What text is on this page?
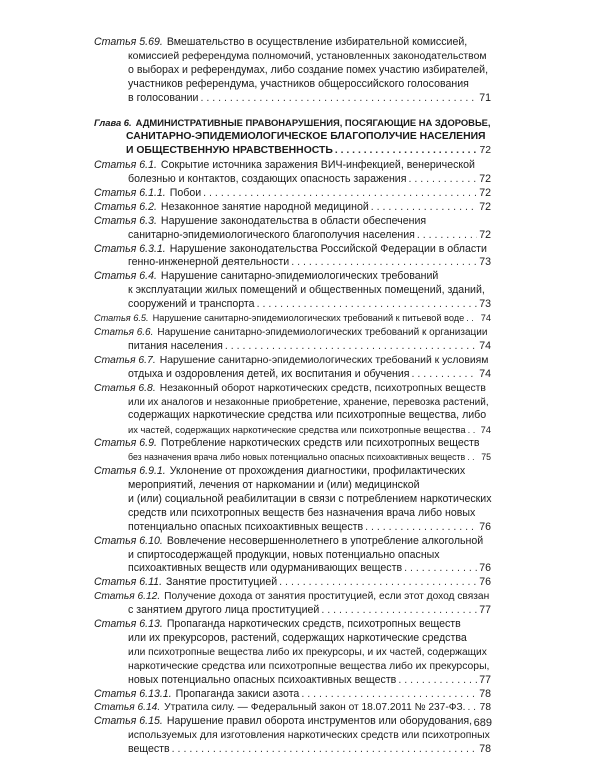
Статья 5.69. Вмешательство в осуществление избирательной комиссией,
комиссией референдума полномочий, установленных законодательством
о выборах и референдумах, либо создание помех участию избирателей,
участников референдума, участников общероссийского голосования
в голосовании . . .	71
Глава 6. АДМИНИСТРАТИВНЫЕ ПРАВОНАРУШЕНИЯ, ПОСЯГАЮЩИЕ НА ЗДОРОВЬЕ,
САНИТАРНО-ЭПИДЕМИОЛОГИЧЕСКОЕ БЛАГОПОЛУЧИЕ НАСЕЛЕНИЯ
И ОБЩЕСТВЕННУЮ НРАВСТВЕННОСТЬ . . .	72
Статья 6.1. Сокрытие источника заражения ВИЧ-инфекцией, венерической
болезнью и контактов, создающих опасность заражения . . .	72
Статья 6.1.1. Побои . . .	72
Статья 6.2. Незаконное занятие народной медициной . . .	72
Статья 6.3. Нарушение законодательства в области обеспечения
санитарно-эпидемиологического благополучия населения . . .	72
Статья 6.3.1. Нарушение законодательства Российской Федерации в области
генно-инженерной деятельности . . .	73
Статья 6.4. Нарушение санитарно-эпидемиологических требований
к эксплуатации жилых помещений и общественных помещений, зданий,
сооружений и транспорта . . .	73
Статья 6.5. Нарушение санитарно-эпидемиологических требований к питьевой воде . . . 74
Статья 6.6. Нарушение санитарно-эпидемиологических требований к организации
питания населения . . .	74
Статья 6.7. Нарушение санитарно-эпидемиологических требований к условиям
отдыха и оздоровления детей, их воспитания и обучения . . .	74
Статья 6.8. Незаконный оборот наркотических средств, психотропных веществ
или их аналогов и незаконные приобретение, хранение, перевозка растений,
содержащих наркотические средства или психотропные вещества, либо
их частей, содержащих наркотические средства или психотропные вещества . . . 74
Статья 6.9. Потребление наркотических средств или психотропных веществ
без назначения врача либо новых потенциально опасных психоактивных веществ . . . 75
Статья 6.9.1. Уклонение от прохождения диагностики, профилактических
мероприятий, лечения от наркомании и (или) медицинской
и (или) социальной реабилитации в связи с потреблением наркотических
средств или психотропных веществ без назначения врача либо новых
потенциально опасных психоактивных веществ . . .	76
Статья 6.10. Вовлечение несовершеннолетнего в употребление алкогольной
и спиртосодержащей продукции, новых потенциально опасных
психоактивных веществ или одурманивающих веществ . . .	76
Статья 6.11. Занятие проституцией . . .	76
Статья 6.12. Получение дохода от занятия проституцией, если этот доход связан
с занятием другого лица проституцией . . .	77
Статья 6.13. Пропаганда наркотических средств, психотропных веществ
или их прекурсоров, растений, содержащих наркотические средства
или психотропные вещества либо их прекурсоры, и их частей, содержащих
наркотические средства или психотропные вещества либо их прекурсоры,
новых потенциально опасных психоактивных веществ . . .	77
Статья 6.13.1. Пропаганда закиси азота . . .	78
Статья 6.14. Утратила силу. — Федеральный закон от 18.07.2011 № 237-ФЗ. . . . 78
Статья 6.15. Нарушение правил оборота инструментов или оборудования,
используемых для изготовления наркотических средств или психотропных
веществ . . .	78
689
